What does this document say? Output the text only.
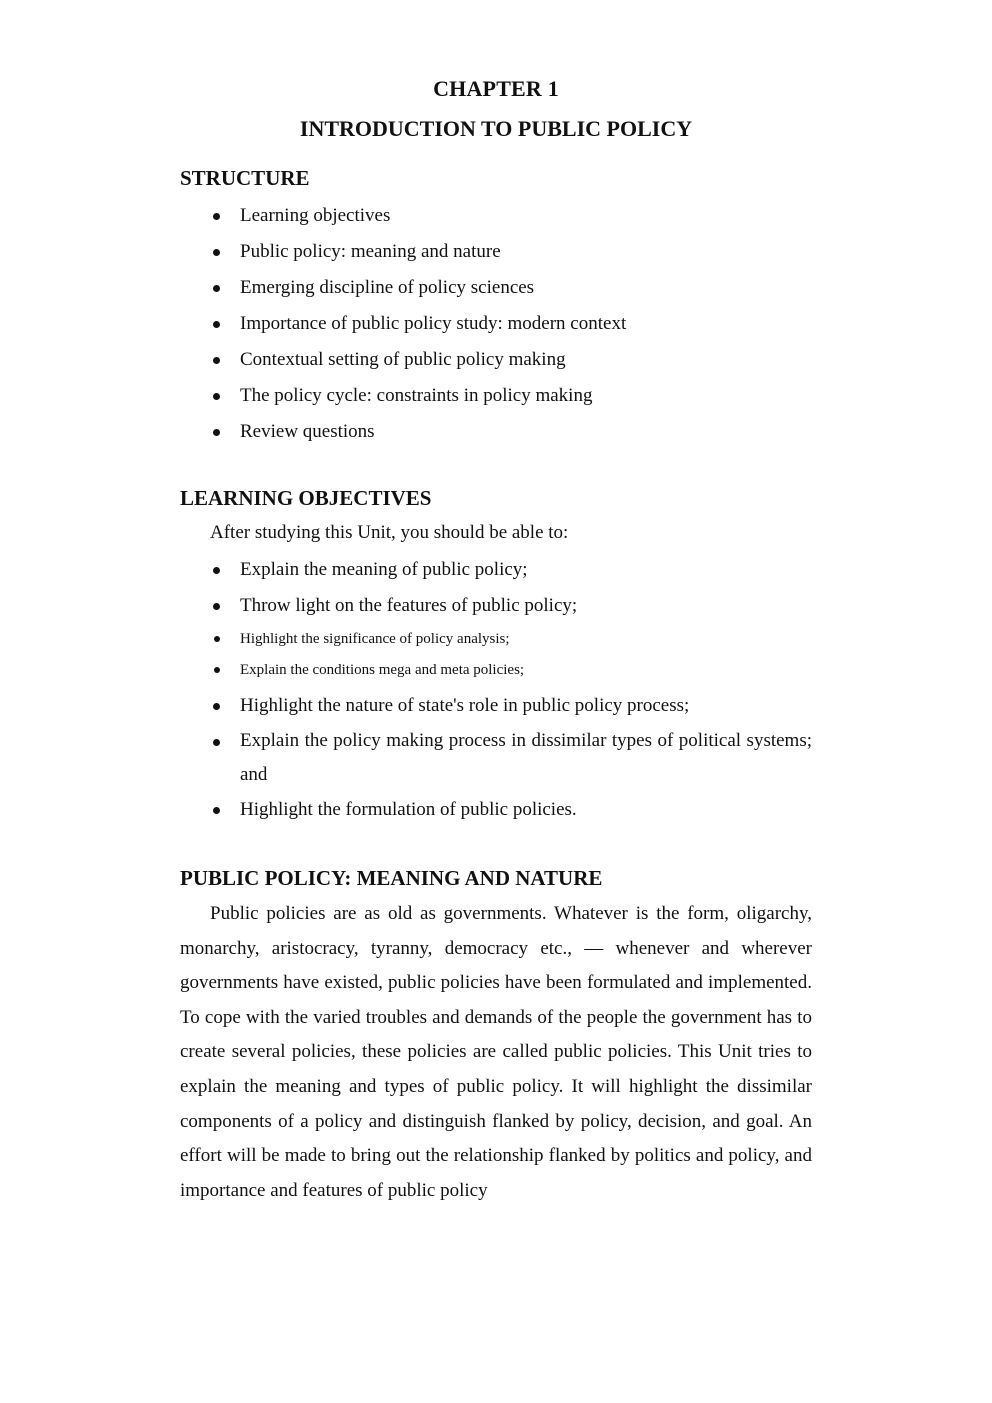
CHAPTER 1
INTRODUCTION TO PUBLIC POLICY
STRUCTURE
Learning objectives
Public policy: meaning and nature
Emerging discipline of policy sciences
Importance of public policy study: modern context
Contextual setting of public policy making
The policy cycle: constraints in policy making
Review questions
LEARNING OBJECTIVES
After studying this Unit, you should be able to:
Explain the meaning of public policy;
Throw light on the features of public policy;
Highlight the significance of policy analysis;
Explain the conditions mega and meta policies;
Highlight the nature of state's role in public policy process;
Explain the policy making process in dissimilar types of political systems; and
Highlight the formulation of public policies.
PUBLIC POLICY: MEANING AND NATURE

Public policies are as old as governments. Whatever is the form, oligarchy, monarchy, aristocracy, tyranny, democracy etc., — whenever and wherever governments have existed, public policies have been formulated and implemented. To cope with the varied troubles and demands of the people the government has to create several policies, these policies are called public policies. This Unit tries to explain the meaning and types of public policy. It will highlight the dissimilar components of a policy and distinguish flanked by policy, decision, and goal. An effort will be made to bring out the relationship flanked by politics and policy, and importance and features of public policy
